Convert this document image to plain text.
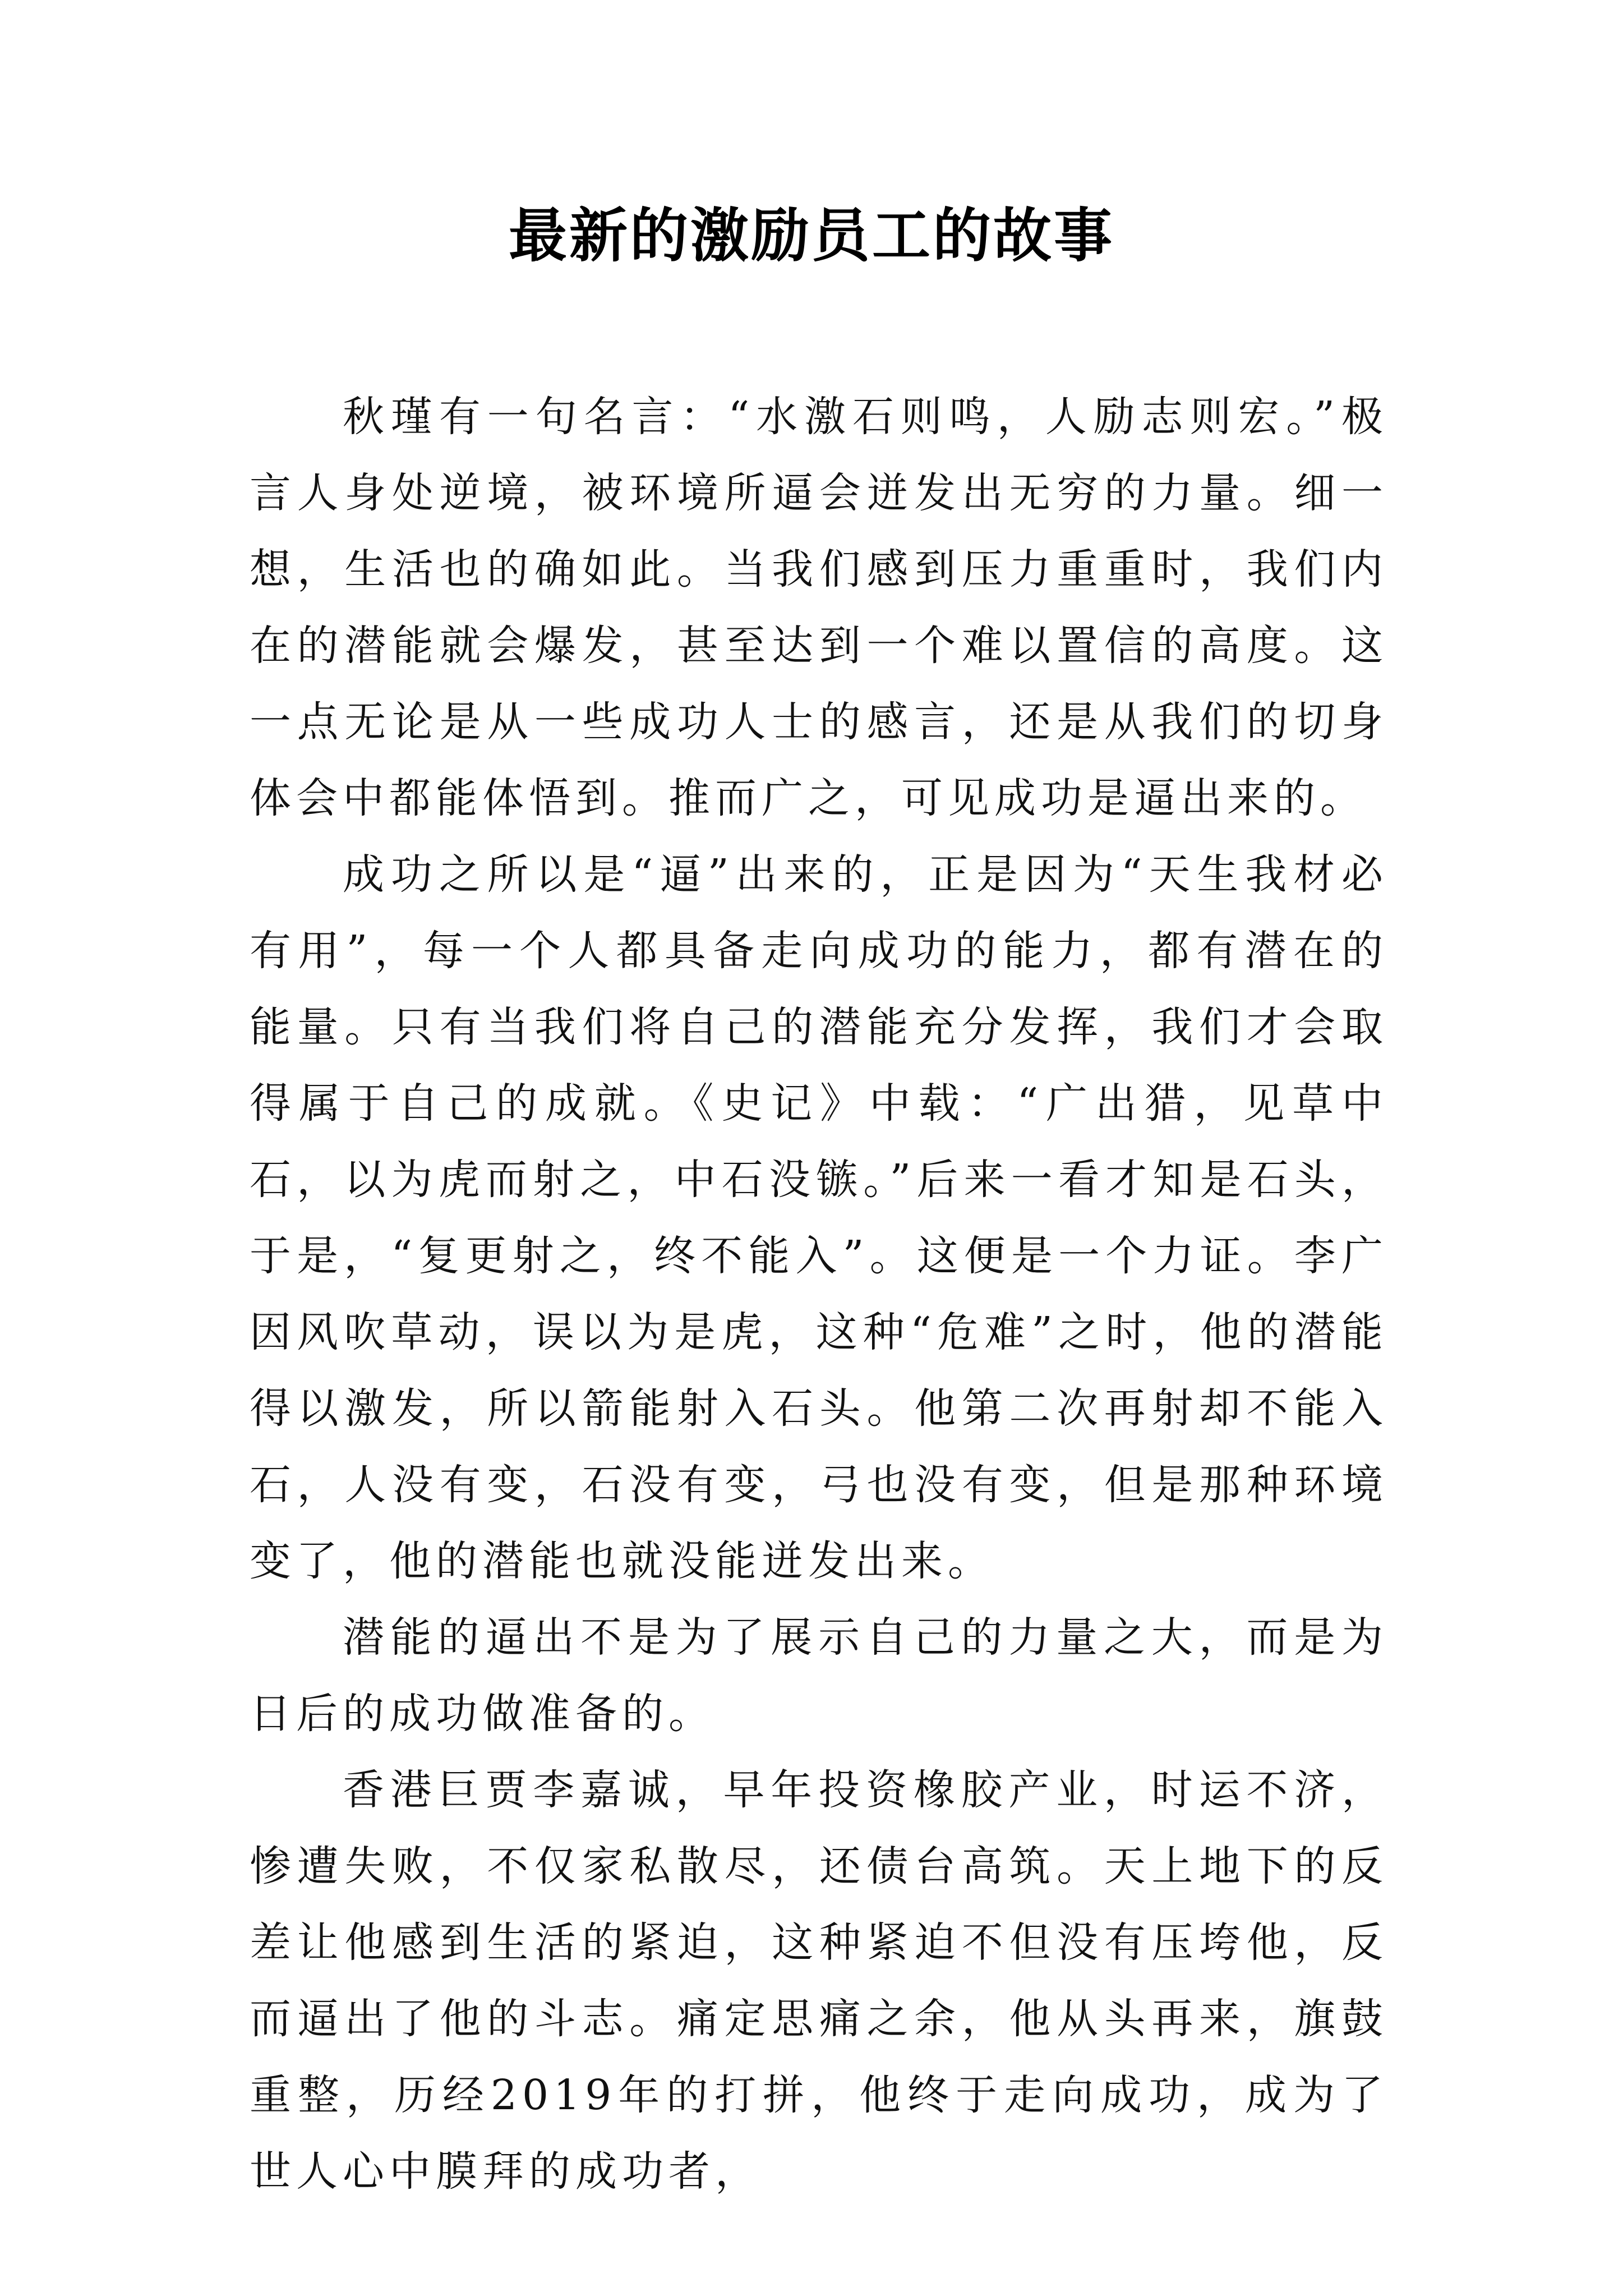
最新的激励员工的故事

秋瑾有一句名言：“水激石则鸣，人励志则宏。”极言人身处逆境，被环境所逼会迸发出无穷的力量。细一想，生活也的确如此。当我们感到压力重重时，我们内在的潜能就会爆发，甚至达到一个难以置信的高度。这一点无论是从一些成功人士的感言，还是从我们的切身体会中都能体悟到。推而广之，可见成功是逼出来的。

成功之所以是“逼”出来的，正是因为“天生我材必有用”，每一个人都具备走向成功的能力，都有潜在的能量。只有当我们将自己的潜能充分发挥，我们才会取得属于自己的成就。《史记》中载：“广出猎，见草中石，以为虎而射之，中石没镞。”后来一看才知是石头，于是，“复更射之，终不能入”。这便是一个力证。李广因风吹草动，误以为是虎，这种“危难”之时，他的潜能得以激发，所以箭能射入石头。他第二次再射却不能入石，人没有变，石没有变，弓也没有变，但是那种环境变了，他的潜能也就没能迸发出来。

潜能的逼出不是为了展示自己的力量之大，而是为日后的成功做准备的。

香港巨贾李嘉诚，早年投资橡胶产业，时运不济，惨遭失败，不仅家私散尽，还债台高筑。天上地下的反差让他感到生活的紧迫，这种紧迫不但没有压垮他，反而逼出了他的斗志。痛定思痛之余，他从头再来，旗鼓重整，历经2019年的打拼，他终于走向成功，成为了世人心中膜拜的成功者，
